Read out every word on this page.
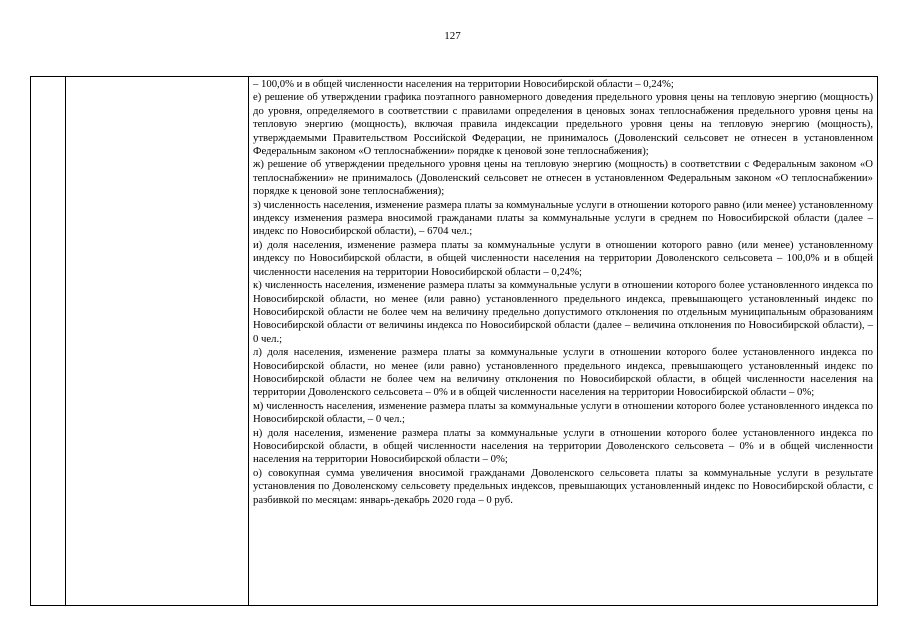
127

– 100,0% и в общей численности населения на территории Новосибирской области – 0,24%;

е) решение об утверждении графика поэтапного равномерного доведения предельного уровня цены на тепловую энергию (мощность) до уровня, определяемого в соответствии с правилами определения в ценовых зонах теплоснабжения предельного уровня цены на тепловую энергию (мощность), включая правила индексации предельного уровня цены на тепловую энергию (мощность), утверждаемыми Правительством Российской Федерации, не принималось (Доволенский сельсовет не отнесен в установленном Федеральным законом «О теплоснабжении» порядке к ценовой зоне теплоснабжения);

ж) решение об утверждении предельного уровня цены на тепловую энергию (мощность) в соответствии с Федеральным законом «О теплоснабжении» не принималось (Доволенский сельсовет не отнесен в установленном Федеральным законом «О теплоснабжении» порядке к ценовой зоне теплоснабжения);

з) численность населения, изменение размера платы за коммунальные услуги в отношении которого равно (или менее) установленному индексу изменения размера вносимой гражданами платы за коммунальные услуги в среднем по Новосибирской области (далее – индекс по Новосибирской области), – 6704 чел.;

и) доля населения, изменение размера платы за коммунальные услуги в отношении которого равно (или менее) установленному индексу по Новосибирской области, в общей численности населения на территории Доволенского сельсовета – 100,0% и в общей численности населения на территории Новосибирской области – 0,24%;

к) численность населения, изменение размера платы за коммунальные услуги в отношении которого более установленного индекса по Новосибирской области, но менее (или равно) установленного предельного индекса, превышающего установленный индекс по Новосибирской области не более чем на величину предельно допустимого отклонения по отдельным муниципальным образованиям Новосибирской области от величины индекса по Новосибирской области (далее – величина отклонения по Новосибирской области), – 0 чел.;

л) доля населения, изменение размера платы за коммунальные услуги в отношении которого более установленного индекса по Новосибирской области, но менее (или равно) установленного предельного индекса, превышающего установленный индекс по Новосибирской области не более чем на величину отклонения по Новосибирской области, в общей численности населения на территории Доволенского сельсовета – 0% и в общей численности населения на территории Новосибирской области – 0%;

м) численность населения, изменение размера платы за коммунальные услуги в отношении которого более установленного индекса по Новосибирской области, – 0 чел.;

н) доля населения, изменение размера платы за коммунальные услуги в отношении которого более установленного индекса по Новосибирской области, в общей численности населения на территории Доволенского сельсовета – 0% и в общей численности населения на территории Новосибирской области – 0%;

о) совокупная сумма увеличения вносимой гражданами Доволенского сельсовета платы за коммунальные услуги в результате установления по Доволенскому сельсовету предельных индексов, превышающих установленный индекс по Новосибирской области, с разбивкой по месяцам: январь-декабрь 2020 года – 0 руб.
